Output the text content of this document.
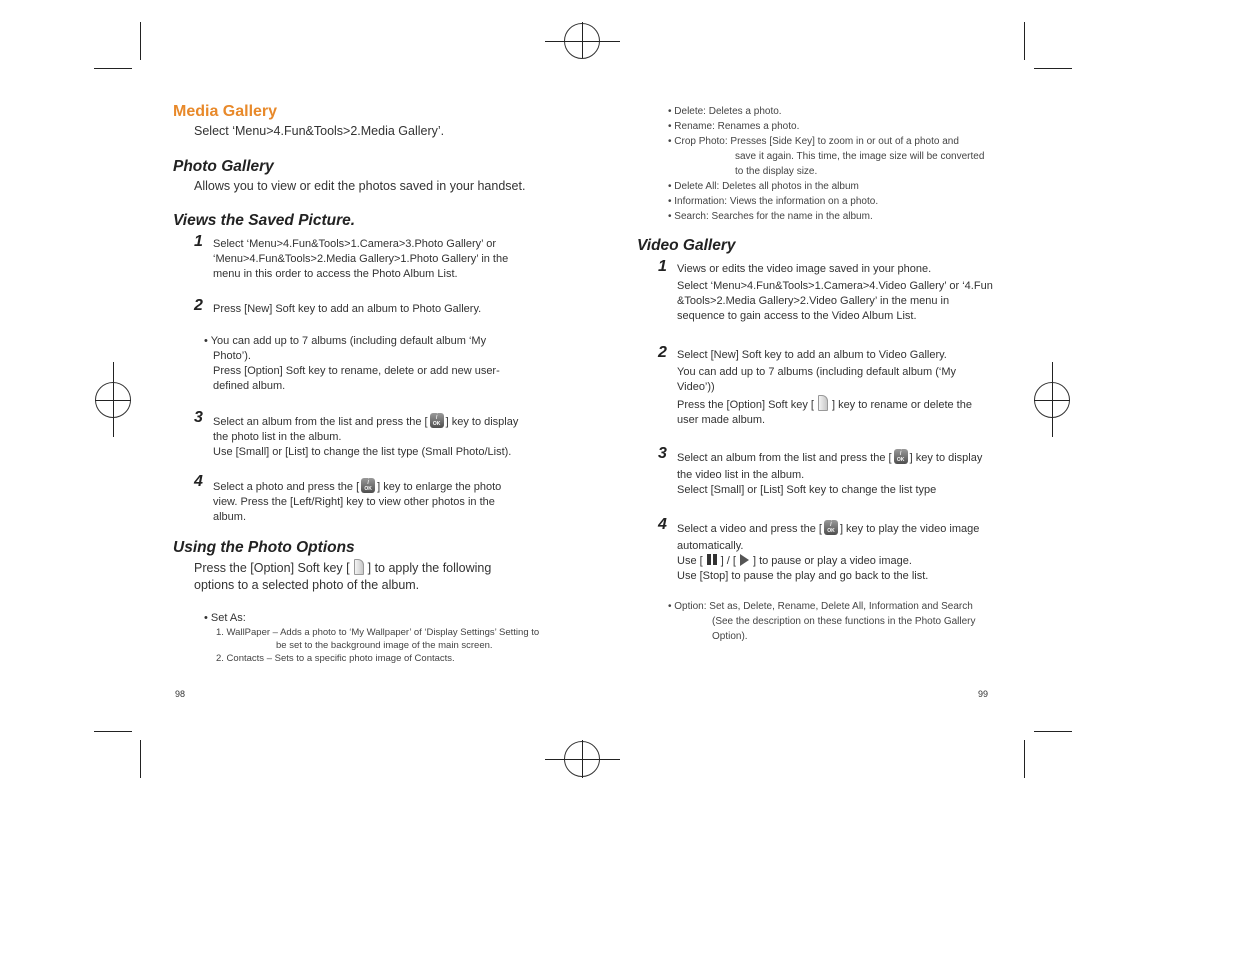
Media Gallery
Select ‘Menu>4.Fun&Tools>2.Media Gallery’.
Photo Gallery
Allows you to view or edit the photos saved in your handset.
Views the Saved Picture.
1 Select ‘Menu>4.Fun&Tools>1.Camera>3.Photo Gallery’ or
‘Menu>4.Fun&Tools>2.Media Gallery>1.Photo Gallery’ in the
menu in this order to access the Photo Album List.
2 Press [New] Soft key to add an album to Photo Gallery.
• You can add up to 7 albums (including default album ‘My
Photo’).
Press [Option] Soft key to rename, delete or add new user-
defined album.
3 Select an album from the list and press the [ i OK ] key to display
the photo list in the album.
Use [Small] or [List] to change the list type (Small Photo/List).
4 Select a photo and press the [ i OK ] key to enlarge the photo
view. Press the [Left/Right] key to view other photos in the
album.
Using the Photo Options
Press the [Option] Soft key [ ] to apply the following
options to a selected photo of the album.
• Set As:
1. WallPaper – Adds a photo to ‘My Wallpaper’ of ‘Display Settings’ Setting to
be set to the background image of the main screen.
2. Contacts – Sets to a specific photo image of Contacts.
98
• Delete: Deletes a photo.
• Rename: Renames a photo.
• Crop Photo: Presses [Side Key] to zoom in or out of a photo and
save it again. This time, the image size will be converted
to the display size.
• Delete All: Deletes all photos in the album
• Information: Views the information on a photo.
• Search: Searches for the name in the album.
Video Gallery
1 Views or edits the video image saved in your phone.
Select ‘Menu>4.Fun&Tools>1.Camera>4.Video Gallery’ or ‘4.Fun
&Tools>2.Media Gallery>2.Video Gallery’ in the menu in
sequence to gain access to the Video Album List.
2 Select [New] Soft key to add an album to Video Gallery.
You can add up to 7 albums (including default album (‘My
Video’))
Press the [Option] Soft key [ ] key to rename or delete the
user made album.
3 Select an album from the list and press the [ i OK ] key to display
the video list in the album.
Select [Small] or [List] Soft key to change the list type
4 Select a video and press the [ i OK ] key to play the video image
automatically.
Use [ ] / [ ] to pause or play a video image.
Use [Stop] to pause the play and go back to the list.
• Option: Set as, Delete, Rename, Delete All, Information and Search
(See the description on these functions in the Photo Gallery
Option).
99
